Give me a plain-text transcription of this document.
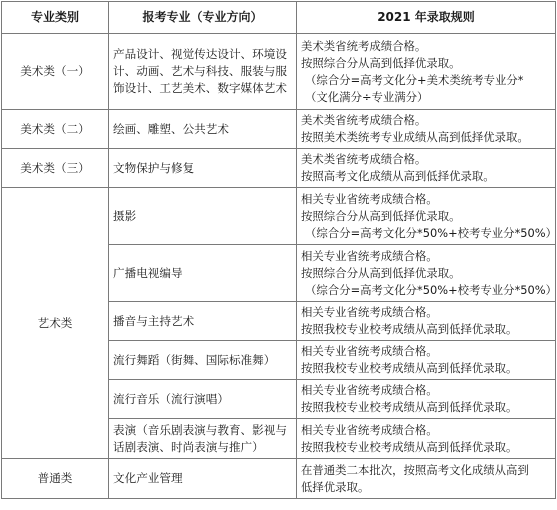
专业类别	报考专业（专业方向）	2021 年录取规则
美术类（一）	产品设计、视觉传达设计、环境设计、动画、艺术与科技、服装与服饰设计、工艺美术、数字媒体艺术	美术类省统考成绩合格。
按照综合分从高到低择优录取。
（综合分=高考文化分+美术类统考专业分*
（文化满分÷专业满分）

美术类（二）	绘画、雕塑、公共艺术	美术类省统考成绩合格。
按照美术类统考专业成绩从高到低择优录取。

美术类（三）	文物保护与修复	美术类省统考成绩合格。
按照高考文化成绩从高到低择优录取。

艺术类	摄影	相关专业省统考成绩合格。
按照综合分从高到低择优录取。
（综合分=高考文化分*50%+校考专业分*50%）

	广播电视编导	相关专业省统考成绩合格。
按照综合分从高到低择优录取。
（综合分=高考文化分*50%+校考专业分*50%）

	播音与主持艺术	相关专业省统考成绩合格。
按照我校专业校考成绩从高到低择优录取。

	流行舞蹈（街舞、国际标准舞）	相关专业省统考成绩合格。
按照我校专业校考成绩从高到低择优录取。

	流行音乐（流行演唱）	相关专业省统考成绩合格。
按照我校专业校考成绩从高到低择优录取。

	表演（音乐剧表演与教育、影视与话剧表演、时尚表演与推广）	相关专业省统考成绩合格。
按照我校专业校考成绩从高到低择优录取。

普通类	文化产业管理	在普通类二本批次，按照高考文化成绩从高到
低择优录取。
